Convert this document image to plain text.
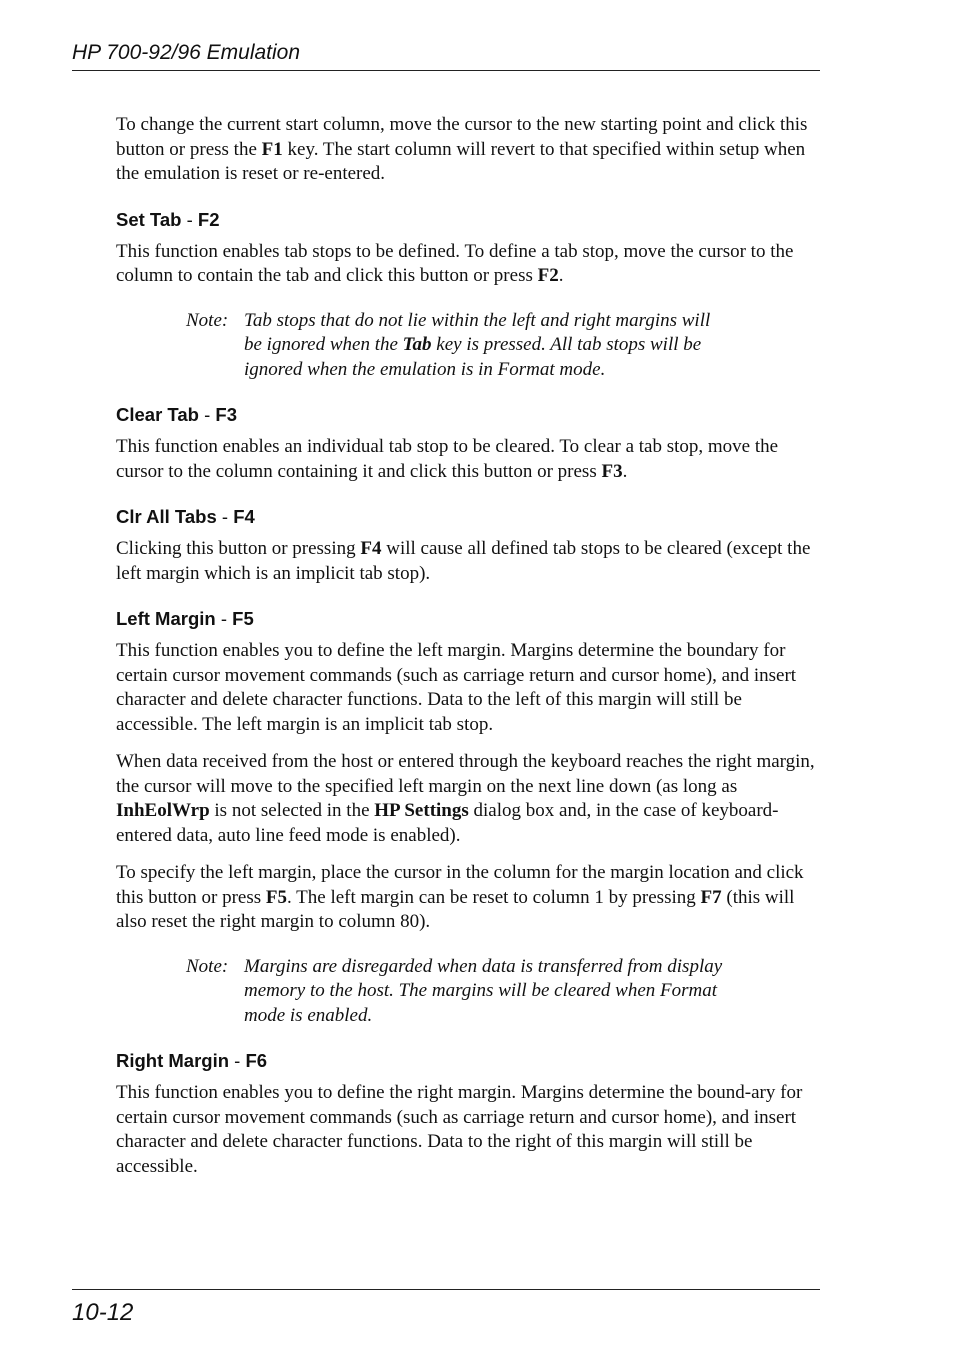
HP 700-92/96 Emulation

To change the current start column, move the cursor to the new starting point and click this button or press the F1 key. The start column will revert to that specified within setup when the emulation is reset or re-entered.

Set Tab - F2

This function enables tab stops to be defined. To define a tab stop, move the cursor to the column to contain the tab and click this button or press F2.

Note: Tab stops that do not lie within the left and right margins will be ignored when the Tab key is pressed. All tab stops will be ignored when the emulation is in Format mode.
Clear Tab - F3

This function enables an individual tab stop to be cleared. To clear a tab stop, move the cursor to the column containing it and click this button or press F3.

Clr All Tabs - F4

Clicking this button or pressing F4 will cause all defined tab stops to be cleared (except the left margin which is an implicit tab stop).

Left Margin - F5

This function enables you to define the left margin. Margins determine the boundary for certain cursor movement commands (such as carriage return and cursor home), and insert character and delete character functions. Data to the left of this margin will still be accessible. The left margin is an implicit tab stop.

When data received from the host or entered through the keyboard reaches the right margin, the cursor will move to the specified left margin on the next line down (as long as InhEolWrp is not selected in the HP Settings dialog box and, in the case of keyboard-entered data, auto line feed mode is enabled).

To specify the left margin, place the cursor in the column for the margin location and click this button or press F5. The left margin can be reset to column 1 by pressing F7 (this will also reset the right margin to column 80).

Note: Margins are disregarded when data is transferred from display memory to the host. The margins will be cleared when Format mode is enabled.
Right Margin - F6

This function enables you to define the right margin. Margins determine the bound-ary for certain cursor movement commands (such as carriage return and cursor home), and insert character and delete character functions. Data to the right of this margin will still be accessible.

10-12
